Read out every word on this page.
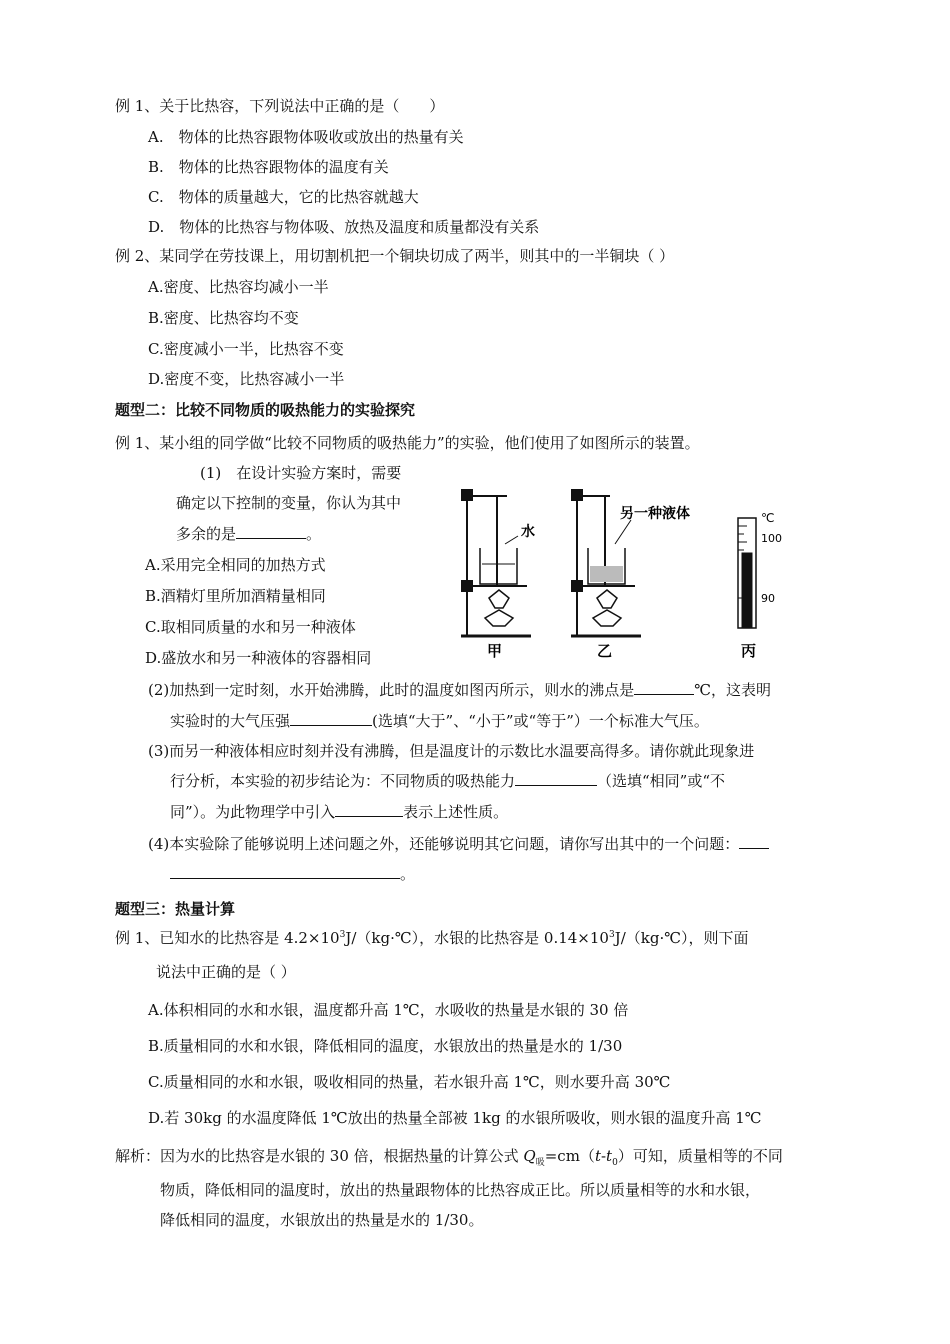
例 1、关于比热容，下列说法中正确的是（　　）
A.　物体的比热容跟物体吸收或放出的热量有关
B.　物体的比热容跟物体的温度有关
C.　物体的质量越大，它的比热容就越大
D.　物体的比热容与物体吸、放热及温度和质量都没有关系
例 2、某同学在劳技课上，用切割机把一个铜块切成了两半，则其中的一半铜块（ ）
A.密度、比热容均减小一半
B.密度、比热容均不变
C.密度减小一半，比热容不变
D.密度不变，比热容减小一半
题型二：比较不同物质的吸热能力的实验探究
例 1、某小组的同学做“比较不同物质的吸热能力”的实验，他们使用了如图所示的装置。
(1)　在设计实验方案时，需要
确定以下控制的变量，你认为其中
多余的是	。
A.采用完全相同的加热方式
B.酒精灯里所加酒精量相同
C.取相同质量的水和另一种液体
D.盛放水和另一种液体的容器相同
水
另一种液体	℃
100
90
甲	乙	丙
(2)加热到一定时刻，水开始沸腾，此时的温度如图丙所示，则水的沸点是	℃，这表明
实验时的大气压强	(选填“大于”、“小于”或“等于”）一个标准大气压。
(3)而另一种液体相应时刻并没有沸腾，但是温度计的示数比水温要高得多。请你就此现象进
行分析，本实验的初步结论为：不同物质的吸热能力	（选填“相同”或“不
同”）。为此物理学中引入	表示上述性质。
(4)本实验除了能够说明上述问题之外，还能够说明其它问题，请你写出其中的一个问题：
。
题型三：热量计算
例 1、已知水的比热容是 $4.2\times 10^3J/(kg\cdot℃)$，水银的比热容是 $0.14\times 10^3J/(kg\cdot℃)$，则下面
说法中正确的是（ ）
A.体积相同的水和水银，温度都升高 1℃，水吸收的热量是水银的 30 倍
B.质量相同的水和水银，降低相同的温度，水银放出的热量是水的 1/30
C.质量相同的水和水银，吸收相同的热量，若水银升高 1℃，则水要升高 30℃
D.若 30kg 的水温度降低 1℃放出的热量全部被 1kg 的水银所吸收，则水银的温度升高 1℃
解析：因为水的比热容是水银的 30 倍，根据热量的计算公式 $Q_吸=cm(t-t_0)$可知，质量相等的不同
物质，降低相同的温度时，放出的热量跟物体的比热容成正比。所以质量相等的水和水银，
降低相同的温度，水银放出的热量是水的 1/30。
